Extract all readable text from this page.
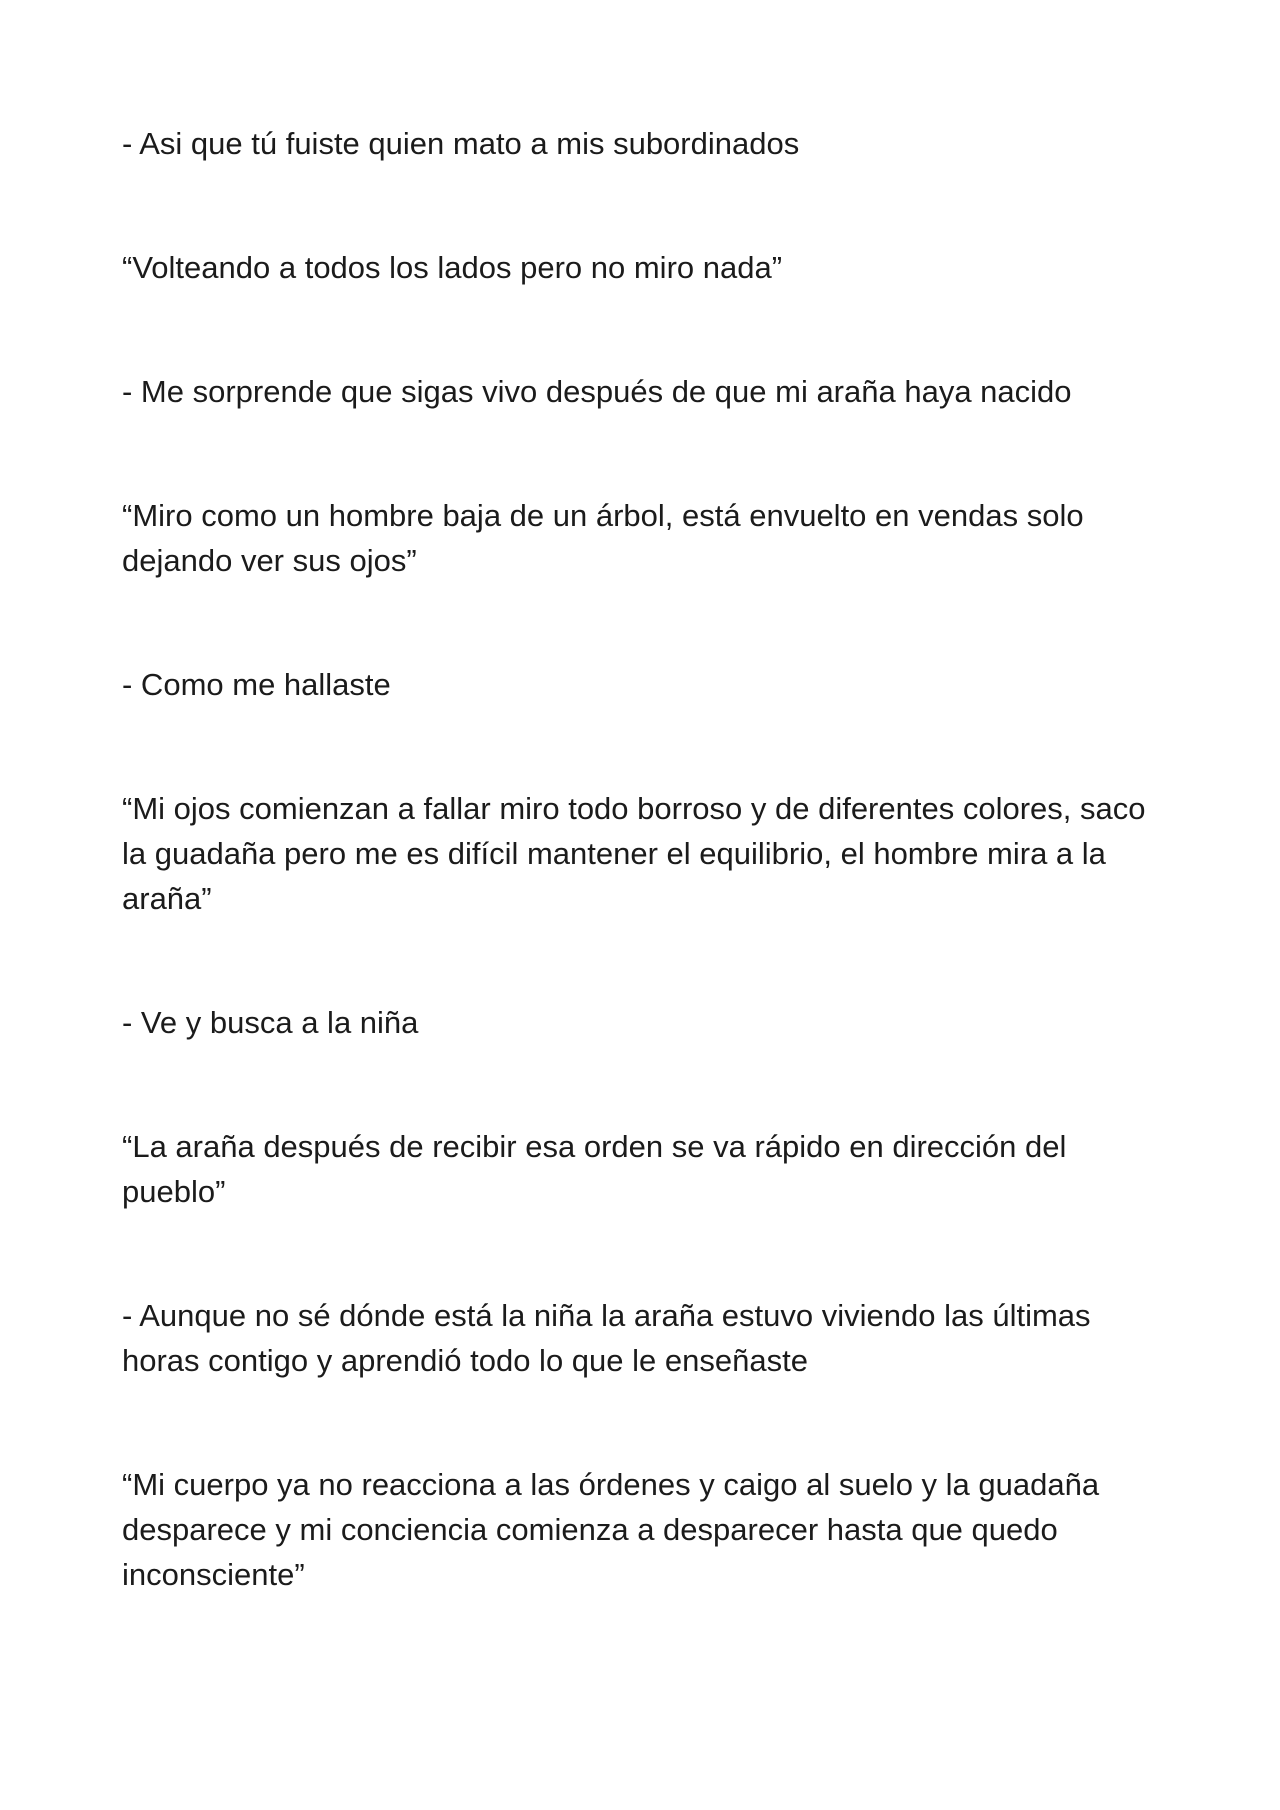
- Asi que tú fuiste quien mato a mis subordinados
“Volteando a todos los lados pero no miro nada”
- Me sorprende que sigas vivo después de que mi araña haya nacido
“Miro como un hombre baja de un árbol, está envuelto en vendas solo
dejando ver sus ojos”
- Como me hallaste
“Mi ojos comienzan a fallar miro todo borroso y de diferentes colores, saco
la guadaña pero me es difícil mantener el equilibrio, el hombre mira a la
araña”
- Ve y busca a la niña
“La araña después de recibir esa orden se va rápido en dirección del
pueblo”
- Aunque no sé dónde está la niña la araña estuvo viviendo las últimas
horas contigo y aprendió todo lo que le enseñaste
“Mi cuerpo ya no reacciona a las órdenes y caigo al suelo y la guadaña
desparece y mi conciencia comienza a desparecer hasta que quedo
inconsciente”
